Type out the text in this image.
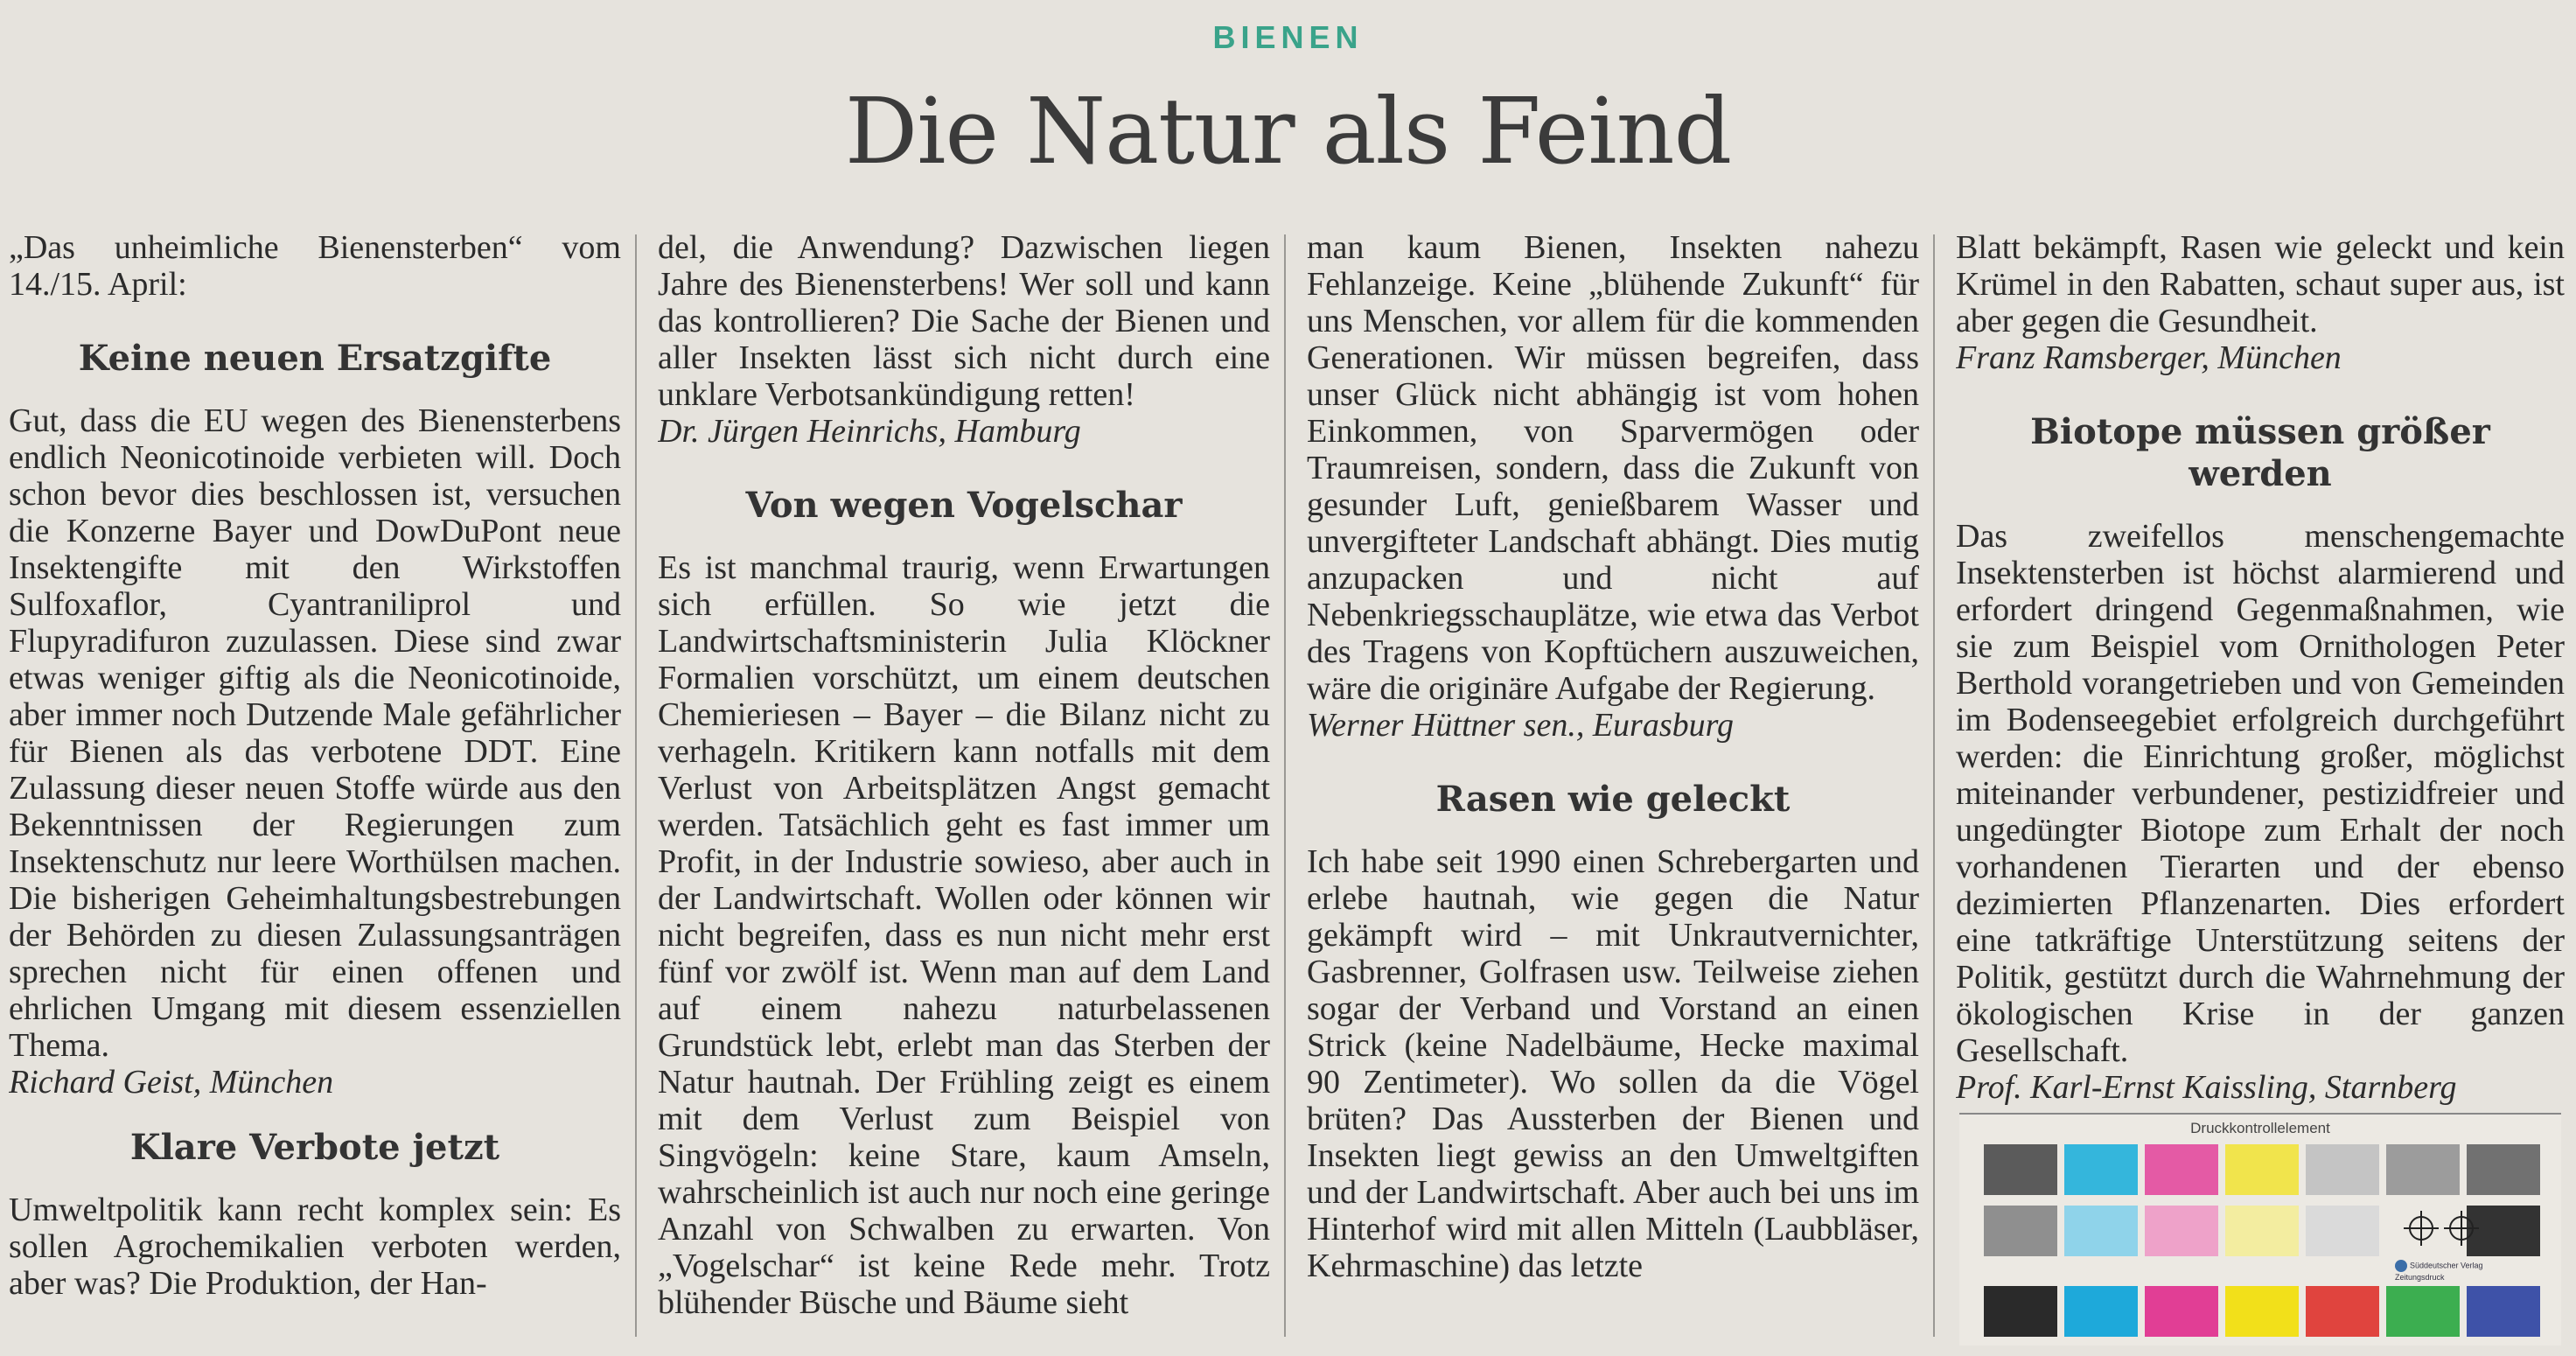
BIENEN
Die Natur als Feind

„Das unheimliche Bienensterben“ vom 14./15. April:

Keine neuen Ersatzgifte

Gut, dass die EU wegen des Bienensterbens endlich Neonicotinoide verbieten will. Doch schon bevor dies beschlossen ist, versuchen die Konzerne Bayer und DowDuPont neue Insektengifte mit den Wirkstoffen Sulfoxaflor, Cyantraniliprol und Flupyradifuron zuzulassen. Diese sind zwar etwas weniger giftig als die Neonicotinoide, aber immer noch Dutzende Male gefährlicher für Bienen als das verbotene DDT. Eine Zulassung dieser neuen Stoffe würde aus den Bekenntnissen der Regierungen zum Insektenschutz nur leere Worthülsen machen. Die bisherigen Geheimhaltungsbestrebungen der Behörden zu diesen Zulassungsanträgen sprechen nicht für einen offenen und ehrlichen Umgang mit diesem essenziellen Thema.

Richard Geist, München

Klare Verbote jetzt

Umweltpolitik kann recht komplex sein: Es sollen Agrochemikalien verboten werden, aber was? Die Produktion, der Han-

del, die Anwendung? Dazwischen liegen Jahre des Bienensterbens! Wer soll und kann das kontrollieren? Die Sache der Bienen und aller Insekten lässt sich nicht durch eine unklare Verbotsankündigung retten!

Dr. Jürgen Heinrichs, Hamburg

Von wegen Vogelschar

Es ist manchmal traurig, wenn Erwartungen sich erfüllen. So wie jetzt die Landwirtschaftsministerin Julia Klöckner Formalien vorschützt, um einem deutschen Chemieriesen – Bayer – die Bilanz nicht zu verhageln. Kritikern kann notfalls mit dem Verlust von Arbeitsplätzen Angst gemacht werden. Tatsächlich geht es fast immer um Profit, in der Industrie sowieso, aber auch in der Landwirtschaft. Wollen oder können wir nicht begreifen, dass es nun nicht mehr erst fünf vor zwölf ist. Wenn man auf dem Land auf einem nahezu naturbelassenen Grundstück lebt, erlebt man das Sterben der Natur hautnah. Der Frühling zeigt es einem mit dem Verlust zum Beispiel von Singvögeln: keine Stare, kaum Amseln, wahrscheinlich ist auch nur noch eine geringe Anzahl von Schwalben zu erwarten. Von „Vogelschar“ ist keine Rede mehr. Trotz blühender Büsche und Bäume sieht

man kaum Bienen, Insekten nahezu Fehlanzeige. Keine „blühende Zukunft“ für uns Menschen, vor allem für die kommenden Generationen. Wir müssen begreifen, dass unser Glück nicht abhängig ist vom hohen Einkommen, von Sparvermögen oder Traumreisen, sondern, dass die Zukunft von gesunder Luft, genießbarem Wasser und unvergifteter Landschaft abhängt. Dies mutig anzupacken und nicht auf Nebenkriegsschauplätze, wie etwa das Verbot des Tragens von Kopftüchern auszuweichen, wäre die originäre Aufgabe der Regierung.

Werner Hüttner sen., Eurasburg

Rasen wie geleckt

Ich habe seit 1990 einen Schrebergarten und erlebe hautnah, wie gegen die Natur gekämpft wird – mit Unkrautvernichter, Gasbrenner, Golfrasen usw. Teilweise ziehen sogar der Verband und Vorstand an einen Strick (keine Nadelbäume, Hecke maximal 90 Zentimeter). Wo sollen da die Vögel brüten? Das Aussterben der Bienen und Insekten liegt gewiss an den Umweltgiften und der Landwirtschaft. Aber auch bei uns im Hinterhof wird mit allen Mitteln (Laubbläser, Kehrmaschine) das letzte

Blatt bekämpft, Rasen wie geleckt und kein Krümel in den Rabatten, schaut super aus, ist aber gegen die Gesundheit.

Franz Ramsberger, München

Biotope müssen größer werden

Das zweifellos menschengemachte Insektensterben ist höchst alarmierend und erfordert dringend Gegenmaßnahmen, wie sie zum Beispiel vom Ornithologen Peter Berthold vorangetrieben und von Gemeinden im Bodenseegebiet erfolgreich durchgeführt werden: die Einrichtung großer, möglichst miteinander verbundener, pestizidfreier und ungedüngter Biotope zum Erhalt der noch vorhandenen Tierarten und der ebenso dezimierten Pflanzenarten. Dies erfordert eine tatkräftige Unterstützung seitens der Politik, gestützt durch die Wahrnehmung der ökologischen Krise in der ganzen Gesellschaft.

Prof. Karl-Ernst Kaissling, Starnberg

Druckkontrollelement
Süddeutscher Verlag Zeitungsdruck
